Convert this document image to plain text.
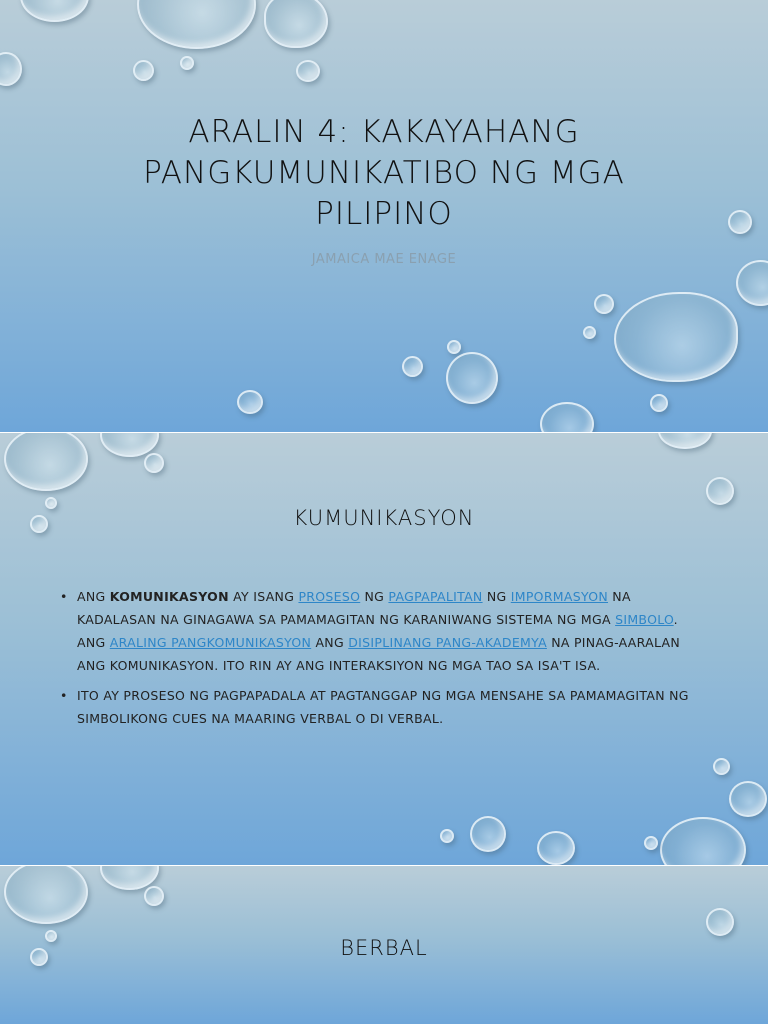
ARALIN 4: KAKAYAHANG
PANGKUMUNIKATIBO NG MGA
PILIPINO
JAMAICA MAE ENAGE
KUMUNIKASYON
• ANG KOMUNIKASYON AY ISANG PROSESO NG PAGPAPALITAN NG IMPORMASYON NA KADALASAN NA GINAGAWA SA PAMAMAGITAN NG KARANIWANG SISTEMA NG MGA SIMBOLO. ANG ARALING PANGKOMUNIKASYON ANG DISIPLINANG PANG-AKADEMYA NA PINAG-AARALAN ANG KOMUNIKASYON. ITO RIN AY ANG INTERAKSIYON NG MGA TAO SA ISA'T ISA.
• ITO AY PROSESO NG PAGPAPADALA AT PAGTANGGAP NG MGA MENSAHE SA PAMAMAGITAN NG SIMBOLIKONG CUES NA MAARING VERBAL O DI VERBAL.
BERBAL
